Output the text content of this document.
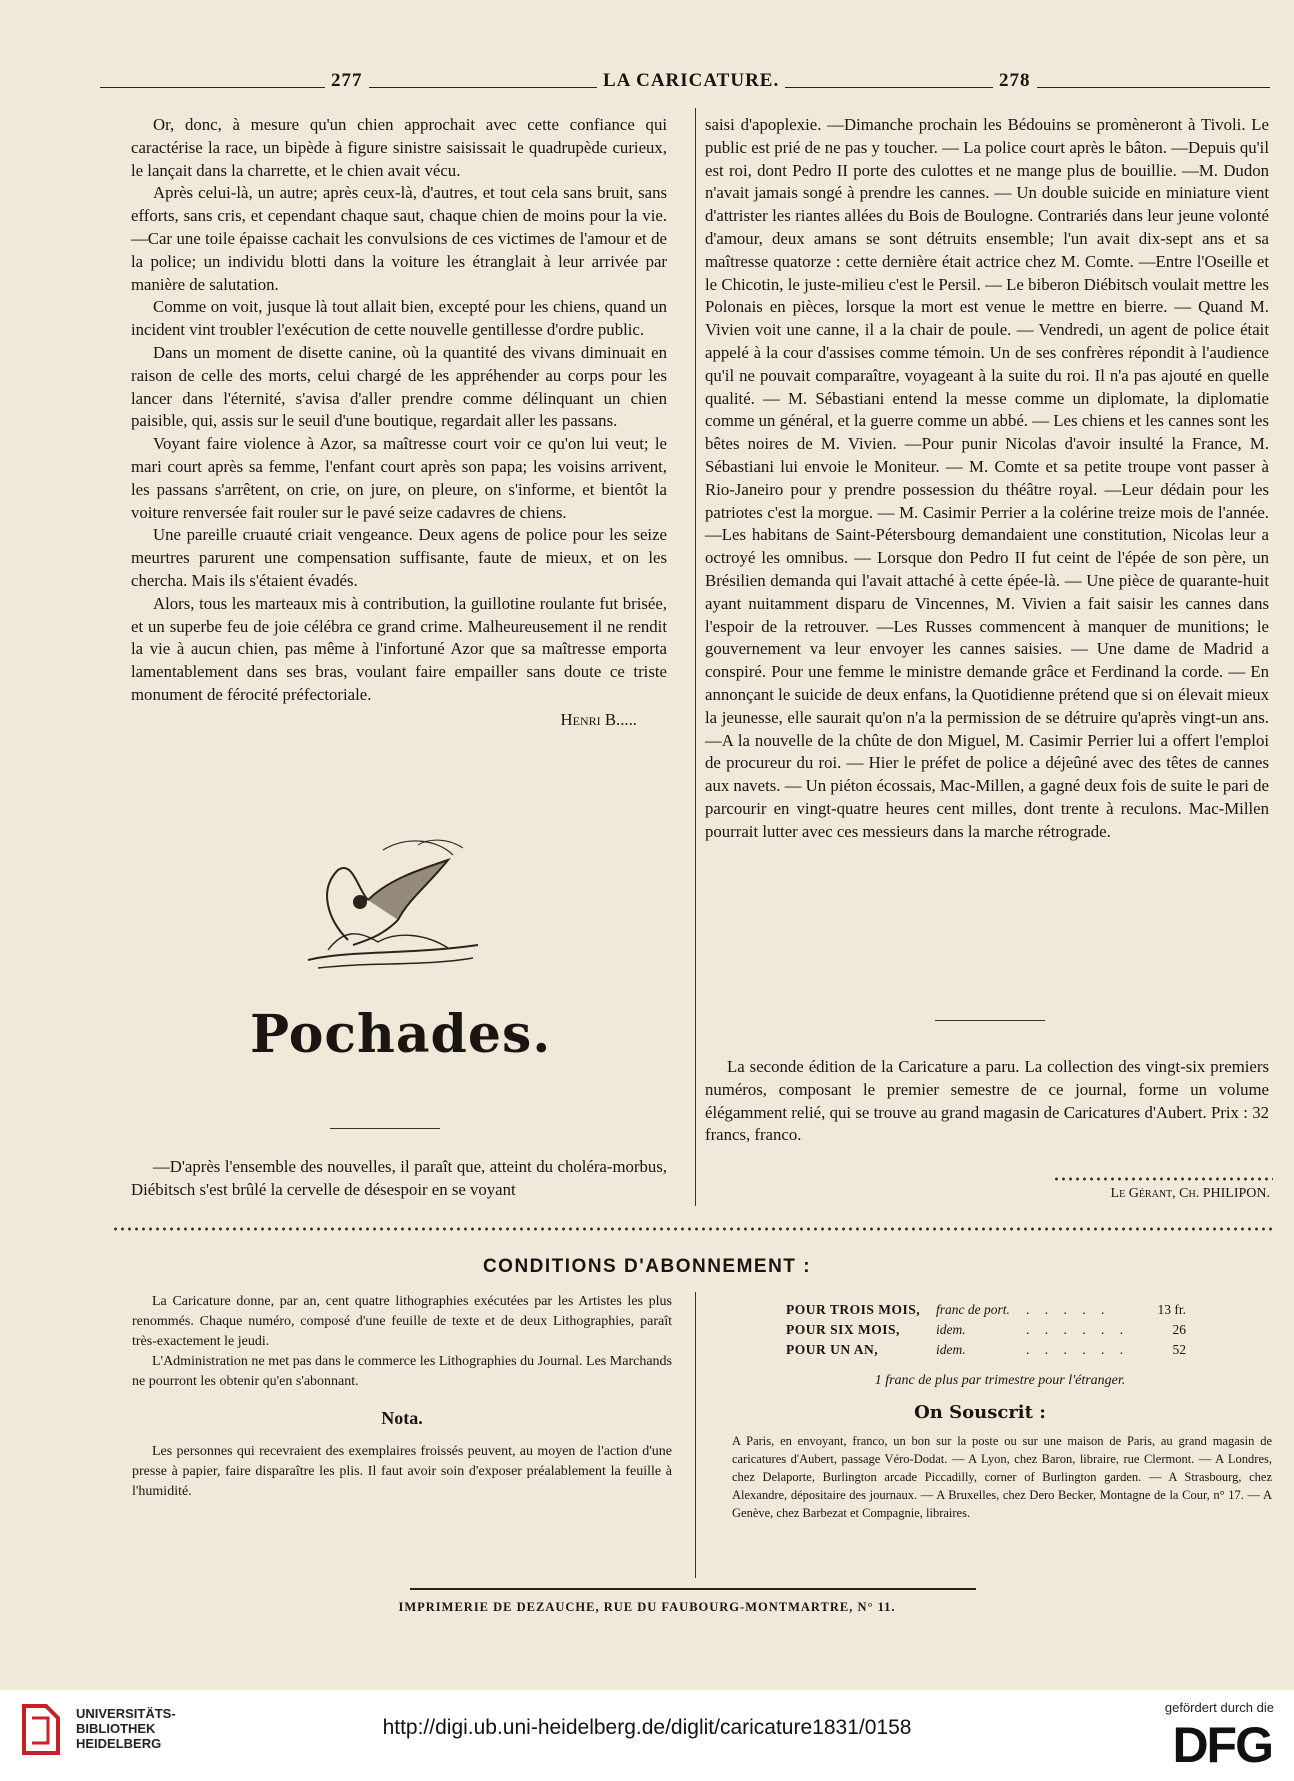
277	LA CARICATURE.	278

Or, donc, à mesure qu'un chien approchait avec cette confiance qui caractérise la race, un bipède à figure sinistre saisissait le quadrupède curieux, le lançait dans la charrette, et le chien avait vécu.

Après celui-là, un autre; après ceux-là, d'autres, et tout cela sans bruit, sans efforts, sans cris, et cependant chaque saut, chaque chien de moins pour la vie. —Car une toile épaisse cachait les convulsions de ces victimes de l'amour et de la police; un individu blotti dans la voiture les étranglait à leur arrivée par manière de salutation.

Comme on voit, jusque là tout allait bien, excepté pour les chiens, quand un incident vint troubler l'exécution de cette nouvelle gentillesse d'ordre public.

Dans un moment de disette canine, où la quantité des vivans diminuait en raison de celle des morts, celui chargé de les appréhender au corps pour les lancer dans l'éternité, s'avisa d'aller prendre comme délinquant un chien paisible, qui, assis sur le seuil d'une boutique, regardait aller les passans.

Voyant faire violence à Azor, sa maîtresse court voir ce qu'on lui veut; le mari court après sa femme, l'enfant court après son papa; les voisins arrivent, les passans s'arrêtent, on crie, on jure, on pleure, on s'informe, et bientôt la voiture renversée fait rouler sur le pavé seize cadavres de chiens.

Une pareille cruauté criait vengeance. Deux agens de police pour les seize meurtres parurent une compensation suffisante, faute de mieux, et on les chercha. Mais ils s'étaient évadés.

Alors, tous les marteaux mis à contribution, la guillotine roulante fut brisée, et un superbe feu de joie célébra ce grand crime. Malheureusement il ne rendit la vie à aucun chien, pas même à l'infortuné Azor que sa maîtresse emporta lamentablement dans ses bras, voulant faire empailler sans doute ce triste monument de férocité préfectoriale.

Henri B.....

Pochades.

—D'après l'ensemble des nouvelles, il paraît que, atteint du choléra-morbus, Diébitsch s'est brûlé la cervelle de désespoir en se voyant

saisi d'apoplexie. —Dimanche prochain les Bédouins se promèneront à Tivoli. Le public est prié de ne pas y toucher. — La police court après le bâton. —Depuis qu'il est roi, dont Pedro II porte des culottes et ne mange plus de bouillie. —M. Dudon n'avait jamais songé à prendre les cannes. — Un double suicide en miniature vient d'attrister les riantes allées du Bois de Boulogne. Contrariés dans leur jeune volonté d'amour, deux amans se sont détruits ensemble; l'un avait dix-sept ans et sa maîtresse quatorze : cette dernière était actrice chez M. Comte. —Entre l'Oseille et le Chicotin, le juste-milieu c'est le Persil. — Le biberon Diébitsch voulait mettre les Polonais en pièces, lorsque la mort est venue le mettre en bierre. — Quand M. Vivien voit une canne, il a la chair de poule. — Vendredi, un agent de police était appelé à la cour d'assises comme témoin. Un de ses confrères répondit à l'audience qu'il ne pouvait comparaître, voyageant à la suite du roi. Il n'a pas ajouté en quelle qualité. — M. Sébastiani entend la messe comme un diplomate, la diplomatie comme un général, et la guerre comme un abbé. — Les chiens et les cannes sont les bêtes noires de M. Vivien. —Pour punir Nicolas d'avoir insulté la France, M. Sébastiani lui envoie le Moniteur. — M. Comte et sa petite troupe vont passer à Rio-Janeiro pour y prendre possession du théâtre royal. —Leur dédain pour les patriotes c'est la morgue. — M. Casimir Perrier a la colérine treize mois de l'année.—Les habitans de Saint-Pétersbourg demandaient une constitution, Nicolas leur a octroyé les omnibus. — Lorsque don Pedro II fut ceint de l'épée de son père, un Brésilien demanda qui l'avait attaché à cette épée-là. — Une pièce de quarante-huit ayant nuitamment disparu de Vincennes, M. Vivien a fait saisir les cannes dans l'espoir de la retrouver. —Les Russes commencent à manquer de munitions; le gouvernement va leur envoyer les cannes saisies. — Une dame de Madrid a conspiré. Pour une femme le ministre demande grâce et Ferdinand la corde. — En annonçant le suicide de deux enfans, la Quotidienne prétend que si on élevait mieux la jeunesse, elle saurait qu'on n'a la permission de se détruire qu'après vingt-un ans. —A la nouvelle de la chûte de don Miguel, M. Casimir Perrier lui a offert l'emploi de procureur du roi. — Hier le préfet de police a déjeûné avec des têtes de cannes aux navets. — Un piéton écossais, Mac-Millen, a gagné deux fois de suite le pari de parcourir en vingt-quatre heures cent milles, dont trente à reculons. Mac-Millen pourrait lutter avec ces messieurs dans la marche rétrograde.

La seconde édition de la Caricature a paru. La collection des vingt-six premiers numéros, composant le premier semestre de ce journal, forme un volume élégamment relié, qui se trouve au grand magasin de Caricatures d'Aubert. Prix : 32 francs, franco.

Le Gérant, Ch. PHILIPON.
CONDITIONS D'ABONNEMENT :

La Caricature donne, par an, cent quatre lithographies exécutées par les Artistes les plus renommés. Chaque numéro, composé d'une feuille de texte et de deux Lithographies, paraît très-exactement le jeudi.

L'Administration ne met pas dans le commerce les Lithographies du Journal. Les Marchands ne pourront les obtenir qu'en s'abonnant.

Nota.

Les personnes qui recevraient des exemplaires froissés peuvent, au moyen de l'action d'une presse à papier, faire disparaître les plis. Il faut avoir soin d'exposer préalablement la feuille à l'humidité.

POUR TROIS MOIS, franc de port. . . . . .	13 fr.
POUR SIX MOIS,	idem.	. . . . . .	26
POUR UN AN,	idem.	. . . . . .	52
1 franc de plus par trimestre pour l'étranger.
On Souscrit :

A Paris, en envoyant, franco, un bon sur la poste ou sur une maison de Paris, au grand magasin de caricatures d'Aubert, passage Véro-Dodat. — A Lyon, chez Baron, libraire, rue Clermont. — A Londres, chez Delaporte, Burlington arcade Piccadilly, corner of Burlington garden. — A Strasbourg, chez Alexandre, dépositaire des journaux. — A Bruxelles, chez Dero Becker, Montagne de la Cour, n° 17. — A Genève, chez Barbezat et Compagnie, libraires.

IMPRIMERIE DE DEZAUCHE, RUE DU FAUBOURG-MONTMARTRE, N° 11.
UNIVERSITÄTS-
BIBLIOTHEK
HEIDELBERG
http://digi.ub.uni-heidelberg.de/diglit/caricature1831/0158
gefördert durch die
DFG
